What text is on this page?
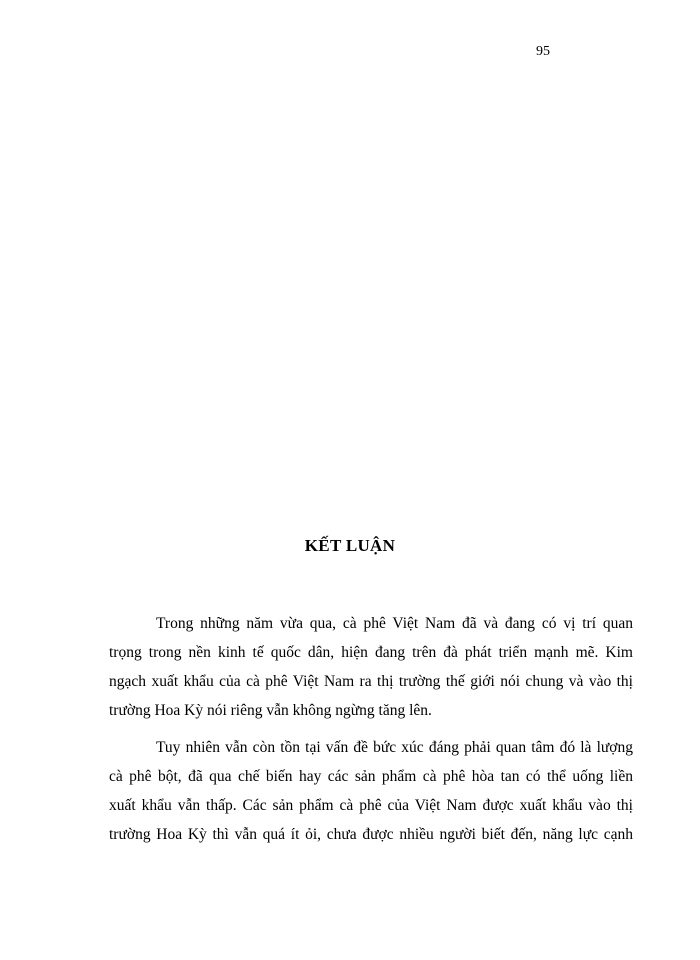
95
KẾT LUẬN
Trong những năm vừa qua, cà phê Việt Nam đã và đang có vị trí quan
trọng trong nền kinh tế quốc dân, hiện đang trên đà phát triển mạnh mẽ. Kim
ngạch xuất khẩu của cà phê Việt Nam ra thị trường thế giới nói chung và vào thị
trường Hoa Kỳ nói riêng vẫn không ngừng tăng lên.
Tuy nhiên vẫn còn tồn tại vấn đề bức xúc đáng phải quan tâm đó là lượng
cà phê bột, đã qua chế biến hay các sản phẩm cà phê hòa tan có thể uống liền
xuất khẩu vẫn thấp. Các sản phẩm cà phê của Việt Nam được xuất khẩu vào thị
trường Hoa Kỳ thì vẫn quá ít ỏi, chưa được nhiều người biết đến, năng lực cạnh
